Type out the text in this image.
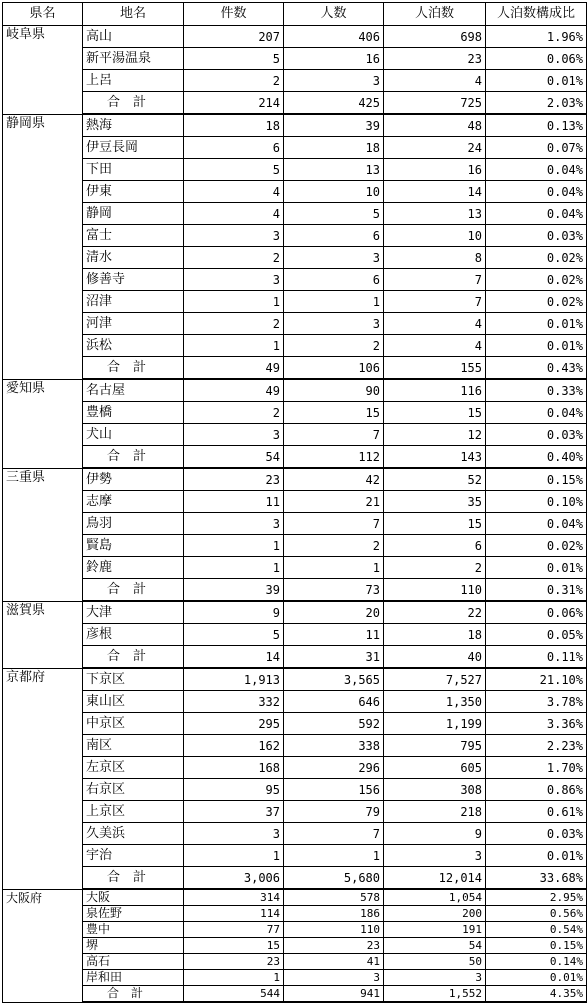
県名	地名	件数	人数	人泊数	人泊数構成比
岐阜県	高山	207	406	698	1.96%
	新平湯温泉	5	16	23	0.06%
	上呂	2	3	4	0.01%
	合　計	214	425	725	2.03%
静岡県	熱海	18	39	48	0.13%
	伊豆長岡	6	18	24	0.07%
	下田	5	13	16	0.04%
	伊東	4	10	14	0.04%
	静岡	4	5	13	0.04%
	富士	3	6	10	0.03%
	清水	2	3	8	0.02%
	修善寺	3	6	7	0.02%
	沼津	1	1	7	0.02%
	河津	2	3	4	0.01%
	浜松	1	2	4	0.01%
	合　計	49	106	155	0.43%
愛知県	名古屋	49	90	116	0.33%
	豊橋	2	15	15	0.04%
	犬山	3	7	12	0.03%
	合　計	54	112	143	0.40%
三重県	伊勢	23	42	52	0.15%
	志摩	11	21	35	0.10%
	鳥羽	3	7	15	0.04%
	賢島	1	2	6	0.02%
	鈴鹿	1	1	2	0.01%
	合　計	39	73	110	0.31%
滋賀県	大津	9	20	22	0.06%
	彦根	5	11	18	0.05%
	合　計	14	31	40	0.11%
京都府	下京区	1,913	3,565	7,527	21.10%
	東山区	332	646	1,350	3.78%
	中京区	295	592	1,199	3.36%
	南区	162	338	795	2.23%
	左京区	168	296	605	1.70%
	右京区	95	156	308	0.86%
	上京区	37	79	218	0.61%
	久美浜	3	7	9	0.03%
	宇治	1	1	3	0.01%
	合　計	3,006	5,680	12,014	33.68%
大阪府	大阪	314	578	1,054	2.95%
	泉佐野	114	186	200	0.56%
	豊中	77	110	191	0.54%
	堺	15	23	54	0.15%
	高石	23	41	50	0.14%
	岸和田	1	3	3	0.01%
	合　計	544	941	1,552	4.35%
